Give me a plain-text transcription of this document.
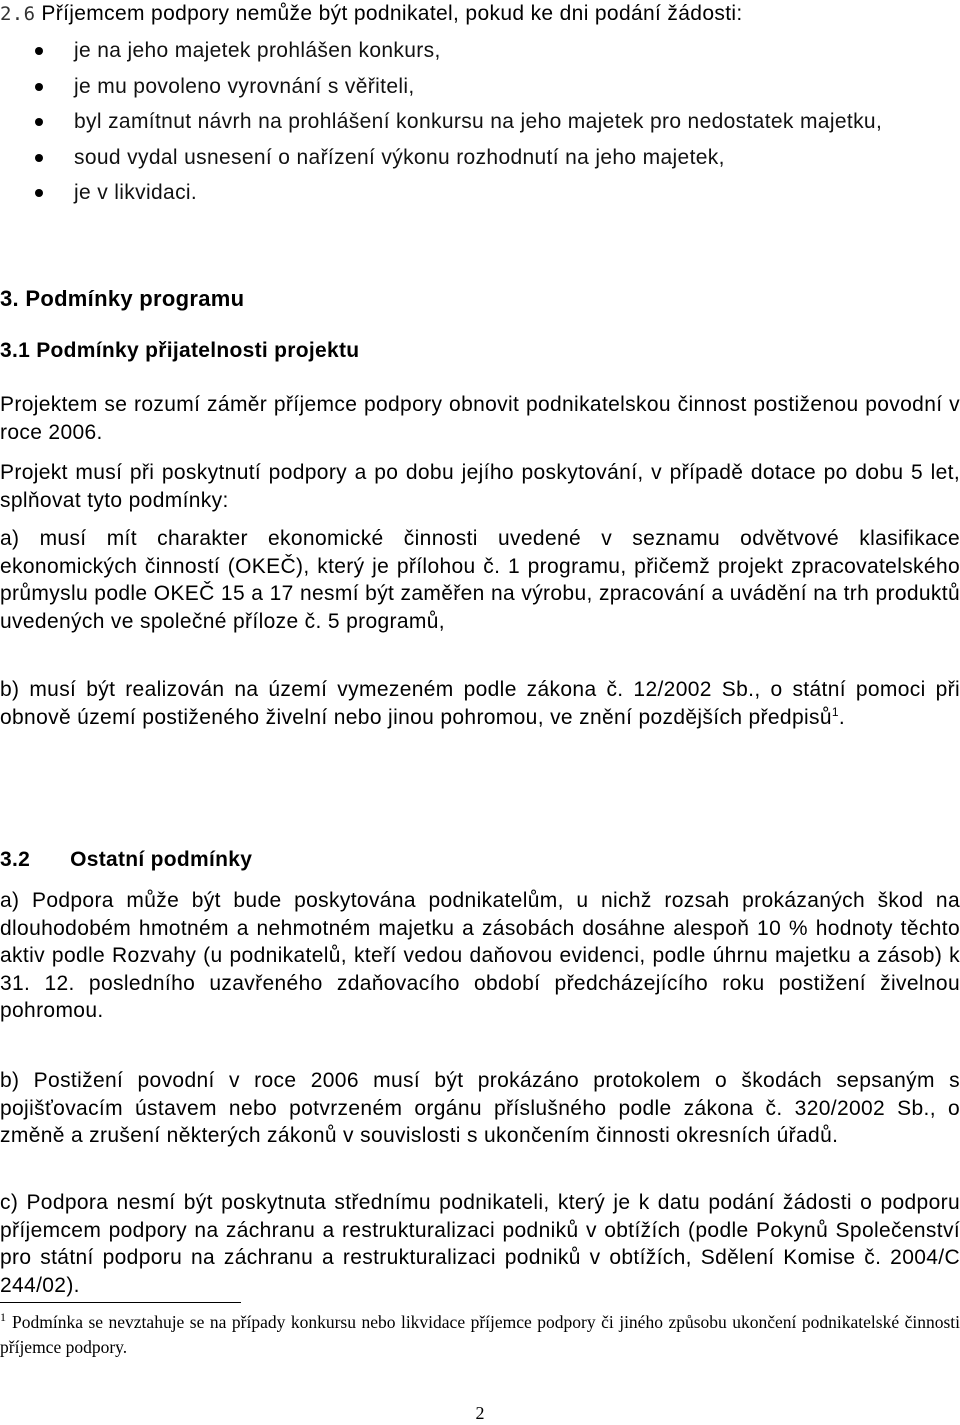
2.6 Příjemcem podpory nemůže být podnikatel, pokud ke dni podání žádosti:
je na jeho majetek prohlášen konkurs,
je mu povoleno vyrovnání s věřiteli,
byl zamítnut návrh na prohlášení konkursu na jeho majetek pro nedostatek majetku,
soud vydal usnesení o nařízení výkonu rozhodnutí na jeho majetek,
je v likvidaci.
3. Podmínky programu
3.1 Podmínky přijatelnosti projektu

Projektem se rozumí záměr příjemce podpory obnovit podnikatelskou činnost postiženou povodní v roce 2006.

Projekt musí při poskytnutí podpory a po dobu jejího poskytování, v případě dotace po dobu 5 let, splňovat tyto podmínky:

a) musí mít charakter ekonomické činnosti uvedené v seznamu odvětvové klasifikace ekonomických činností (OKEČ), který je přílohou č. 1 programu, přičemž projekt zpracovatelského průmyslu podle OKEČ 15 a 17 nesmí být zaměřen na výrobu, zpracování a uvádění na trh produktů uvedených ve společné příloze č. 5 programů,

b) musí být realizován na území vymezeném podle zákona č. 12/2002 Sb., o státní pomoci při obnově území postiženého živelní nebo jinou pohromou, ve znění pozdějších předpisů$^1$.

3.2 Ostatní podmínky

a) Podpora může být bude poskytována podnikatelům, u nichž rozsah prokázaných škod na dlouhodobém hmotném a nehmotném majetku a zásobách dosáhne alespoň 10 % hodnoty těchto aktiv podle Rozvahy (u podnikatelů, kteří vedou daňovou evidenci, podle úhrnu majetku a zásob) k 31. 12. posledního uzavřeného zdaňovacího období předcházejícího roku postižení živelnou pohromou.

b) Postižení povodní v roce 2006 musí být prokázáno protokolem o škodách sepsaným s pojišťovacím ústavem nebo potvrzeném orgánu příslušného podle zákona č. 320/2002 Sb., o změně a zrušení některých zákonů v souvislosti s ukončením činnosti okresních úřadů.

c) Podpora nesmí být poskytnuta střednímu podnikateli, který je k datu podání žádosti o podporu příjemcem podpory na záchranu a restrukturalizaci podniků v obtížích (podle Pokynů Společenství pro státní podporu na záchranu a restrukturalizaci podniků v obtížích, Sdělení Komise č. 2004/C 244/02).

$^1$ Podmínka se nevztahuje se na případy konkursu nebo likvidace příjemce podpory či jiného způsobu ukončení podnikatelské činnosti příjemce podpory.
2
